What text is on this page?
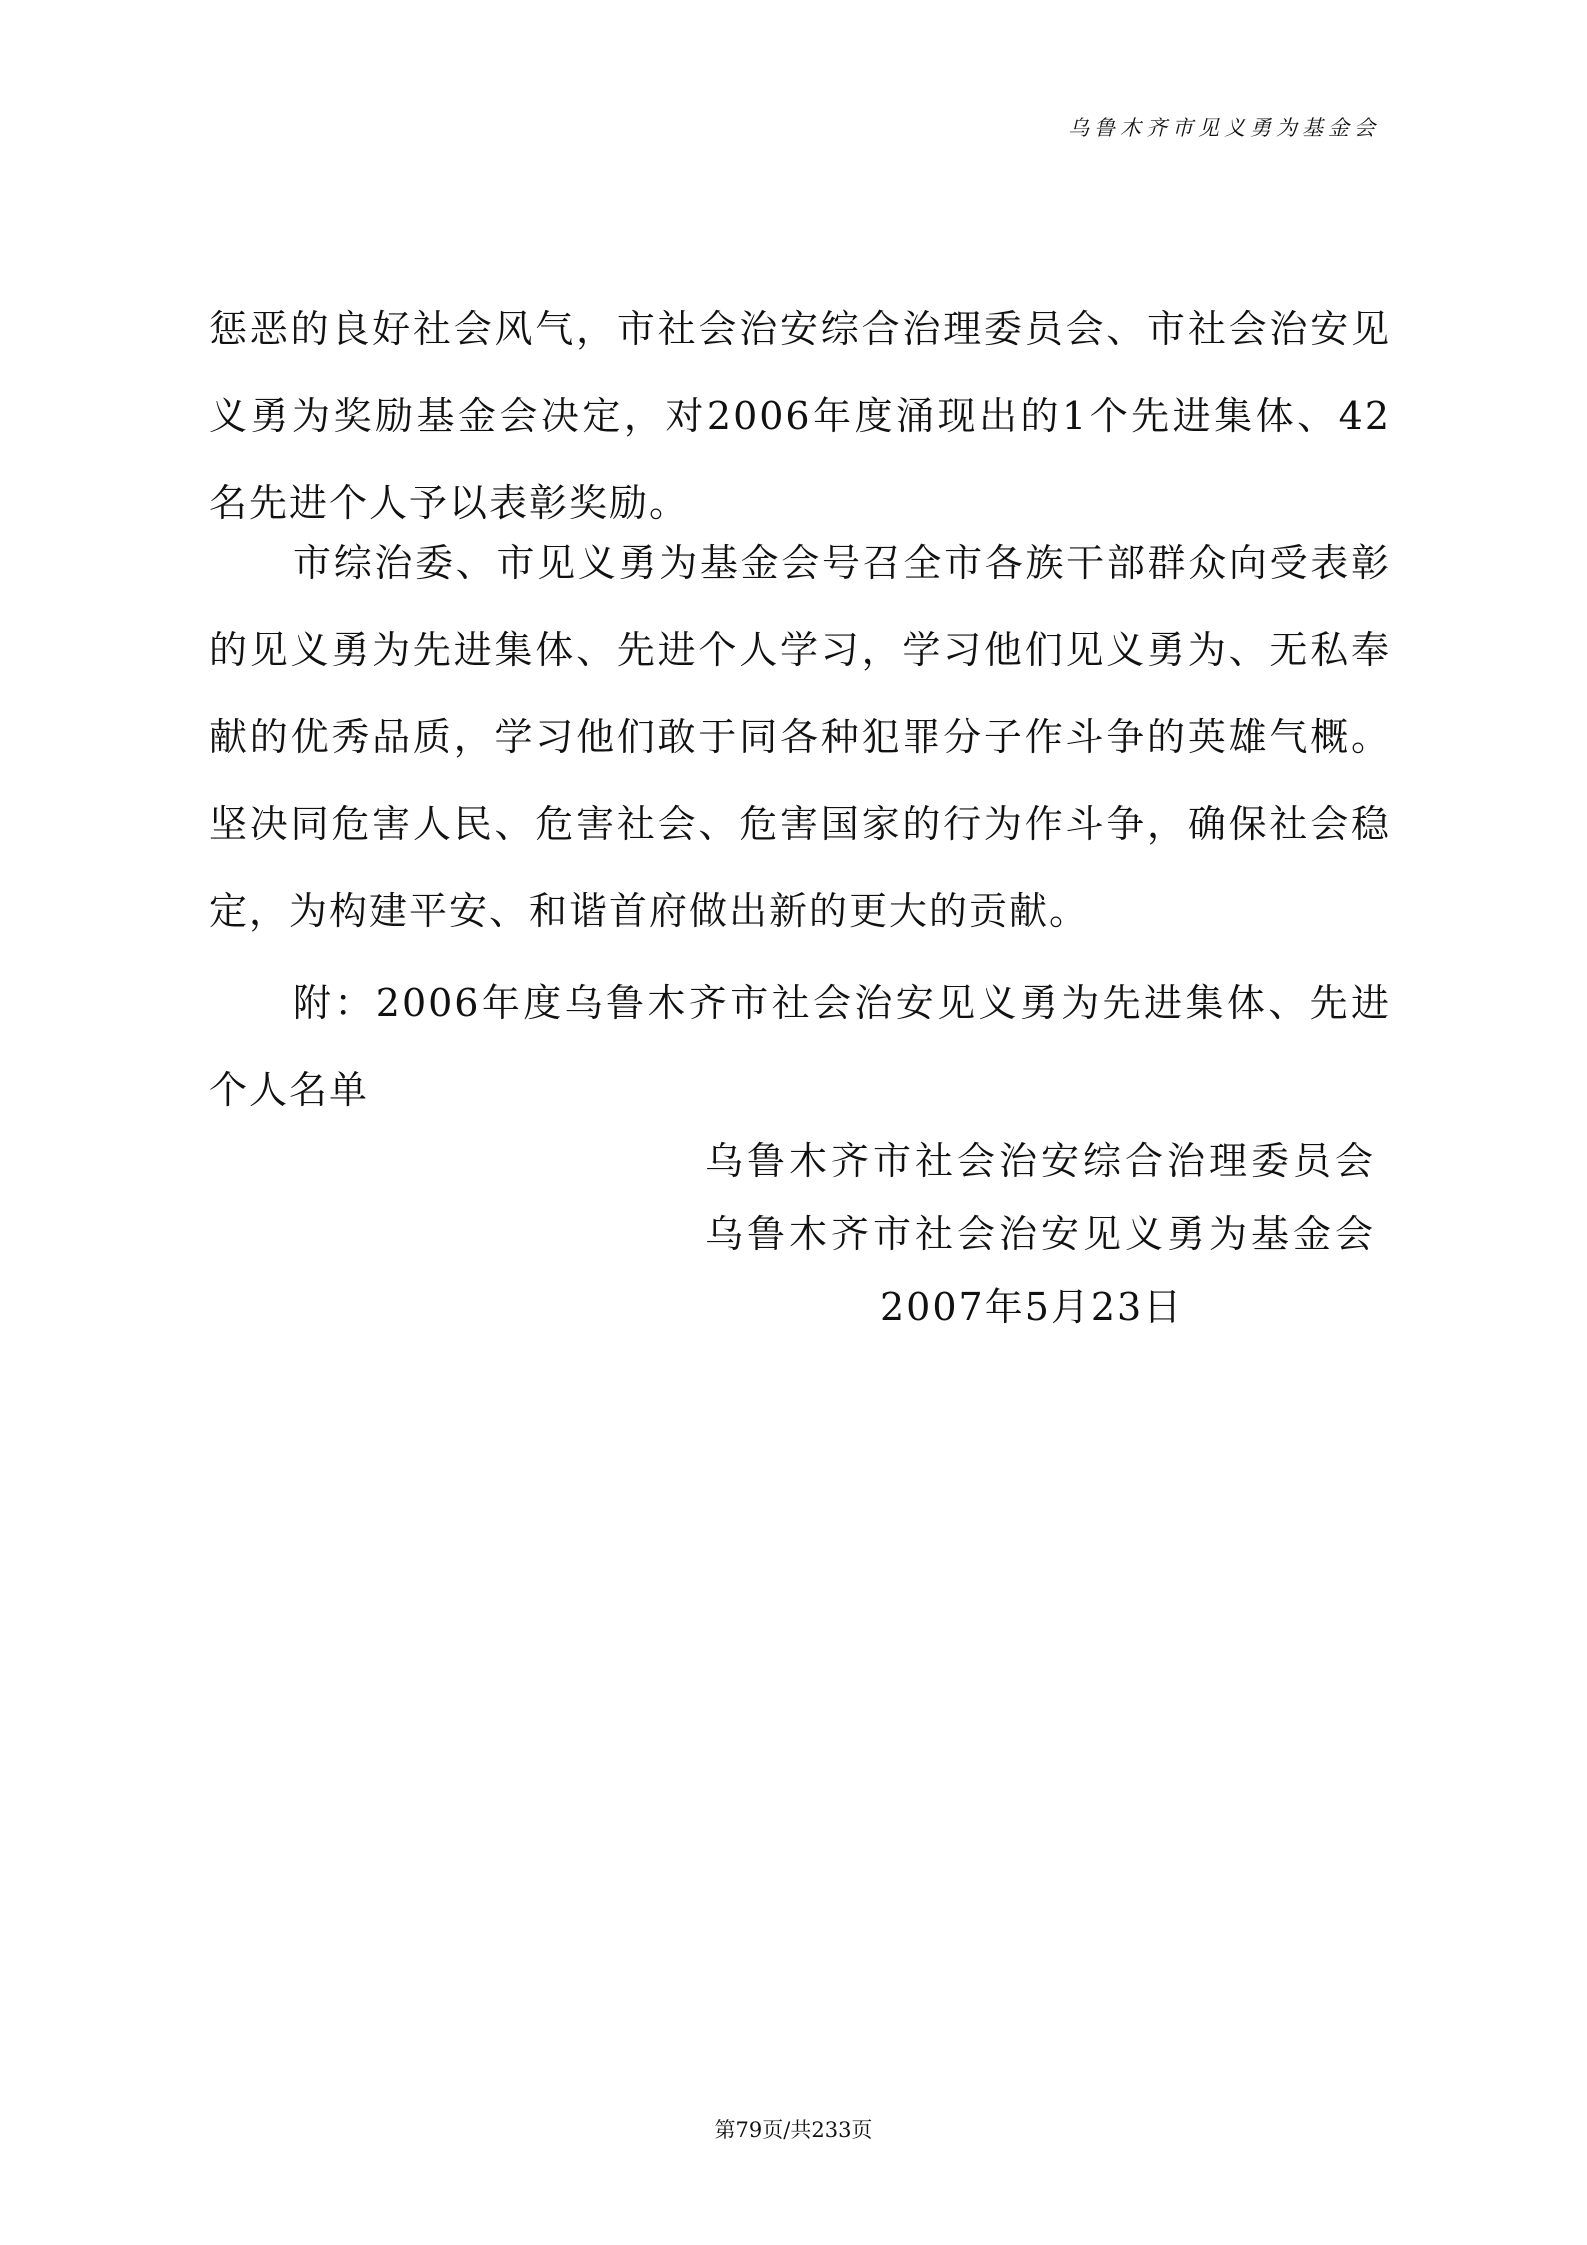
乌鲁木齐市见义勇为基金会
惩恶的良好社会风气，市社会治安综合治理委员会、市社会治安见义勇为奖励基金会决定，对2006年度涌现出的1个先进集体、42名先进个人予以表彰奖励。
市综治委、市见义勇为基金会号召全市各族干部群众向受表彰的见义勇为先进集体、先进个人学习，学习他们见义勇为、无私奉献的优秀品质，学习他们敢于同各种犯罪分子作斗争的英雄气概。坚决同危害人民、危害社会、危害国家的行为作斗争，确保社会稳定，为构建平安、和谐首府做出新的更大的贡献。
附：2006年度乌鲁木齐市社会治安见义勇为先进集体、先进个人名单
乌鲁木齐市社会治安综合治理委员会
乌鲁木齐市社会治安见义勇为基金会
2007年5月23日
第79页/共233页
